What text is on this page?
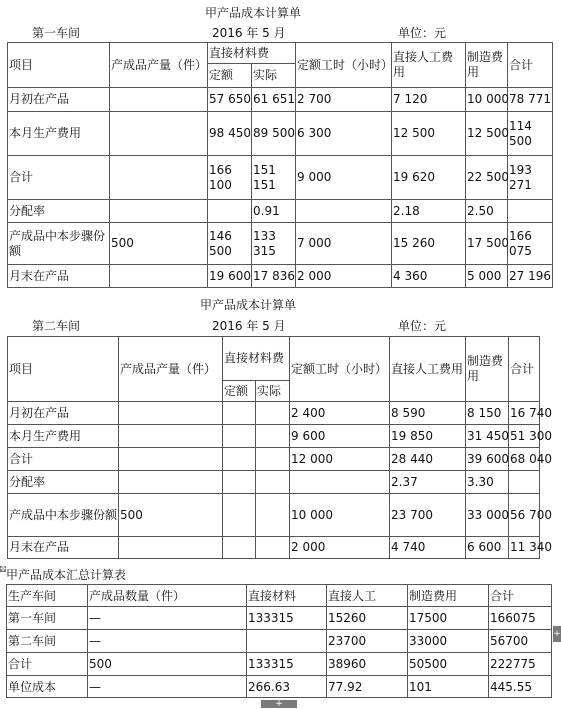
甲产品成本计算单
第一车间	2016 年 5 月	单位：元
项目	产成品产量（件）	直接材料费		定额工时（小时）	直接人工费用	制造费用	合计
		定额	实际				
月初在产品		57 650	61 651	2 700	7 120	10 000	78 771
本月生产费用		98 450	89 500	6 300	12 500	12 500	114 500
合计		166 100	151 151	9 000	19 620	22 500	193 271
分配率			0.91		2.18	2.50	
产成品中本步骤份额	500	146 500	133 315	7 000	15 260	17 500	166 075
月末在产品		19 600	17 836	2 000	4 360	5 000	27 196
甲产品成本计算单
第二车间	2016 年 5 月	单位：元
项目	产成品产量（件）	直接材料费		定额工时（小时）	直接人工费用	制造费用	合计
		定额	实际				
月初在产品				2 400	8 590	8 150	16 740
本月生产费用				9 600	19 850	31 450	51 300
合计				12 000	28 440	39 600	68 040
分配率					2.37	3.30	
产成品中本步骤份额	500			10 000	23 700	33 000	56 700
月末在产品				2 000	4 740	6 600	11 340
✥ 甲产品成本汇总计算表
生产车间	产成品数量（件）	直接材料	直接人工	制造费用	合计
第一车间	—	133315	15260	17500	166075
第二车间	—		23700	33000	56700
合计	500	133315	38960	50500	222775
单位成本	—	266.63	77.92	101	445.55
+
+
